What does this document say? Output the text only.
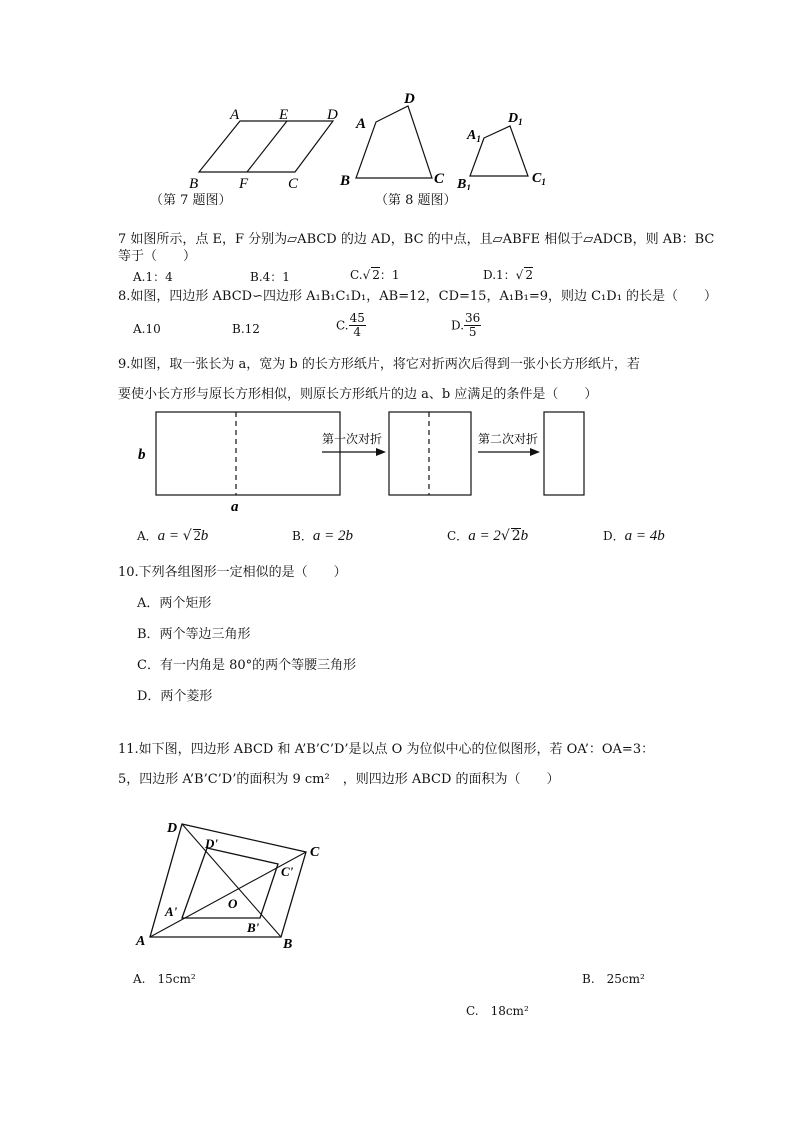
A	E	D
B	F	C
（第 7 题图）
A
D
B	C
$A_1$
$D_1$
$B_1$
$C_1$
（第 8 题图）
7 如图所示，点 E，F 分别为▱ABCD 的边 AD，BC 的中点，且▱ABFE 相似于▱ADCB，则 AB：BC
等于（　　）
A.1：4	B.4：1	C.√ 2：1	D.1：√ 2
8.如图，四边形 ABCD∽四边形 A₁B₁C₁D₁，AB=12，CD=15，A₁B₁=9，则边 C₁D₁ 的长是（　　）
A.10	B.12	C. $\frac{45}{4}$	D. $\frac{36}{5}$
9.如图，取一张长为 a，宽为 b 的长方形纸片，将它对折两次后得到一张小长方形纸片，若
要使小长方形与原长方形相似，则原长方形纸片的边 a、b 应满足的条件是（　　）
b
a
第一次对折	第二次对折
A．a = √ 2b	B．a = 2b	C．a = 2√ 2b	D．a = 4b
10.下列各组图形一定相似的是（　　）
A．两个矩形
B．两个等边三角形
C．有一内角是 80°的两个等腰三角形
D．两个菱形
11.如下图，四边形 ABCD 和 A’B’C’D’是以点 O 为位似中心的位似图形，若 OA’：OA=3：
5，四边形 A’B’C’D’的面积为 9 cm²　，则四边形 ABCD 的面积为（　　）
D
C
A	B
D'
C'
A'
B'
O
A.　15cm²	B.　25cm²
C.　18cm²
